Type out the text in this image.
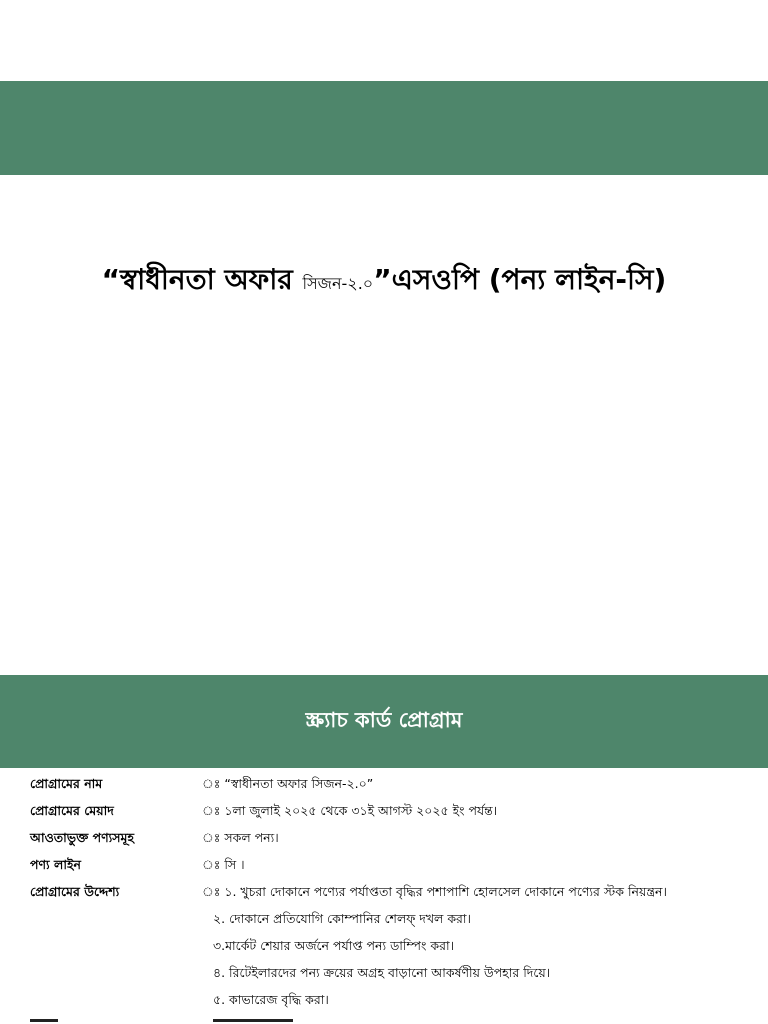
“স্বাধীনতা অফার সিজন-২.০”এসওপি (পন্য লাইন-সি)
স্ক্র্যাচ কার্ড প্রোগ্রাম
প্রোগ্রামের নাম	ঃ “স্বাধীনতা অফার সিজন-২.০”
প্রোগ্রামের মেয়াদ	ঃ ১লা জুলাই ২০২৫ থেকে ৩১ই আগস্ট ২০২৫ ইং পর্যন্ত।
আওতাভুক্ত পণ্যসমূহ	ঃ সকল পন্য।
পণ্য লাইন	ঃ সি ।
প্রোগ্রামের উদ্দেশ্য	ঃ ১. খুচরা দোকানে পণ্যের পর্যাপ্ততা বৃদ্ধির পশাপাশি হোলসেল দোকানে পণ্যের স্টক নিয়ন্ত্রন।
২. দোকানে প্রতিযোগি কোম্পানির শেলফ্ দখল করা।
৩.মার্কেট শেয়ার অর্জনে পর্যাপ্ত পন্য ডাম্পিং করা।
৪. রিটেইলারদের পন্য ক্রয়ের অগ্রহ বাড়ানো আকর্ষণীয় উপহার দিয়ে।
৫. কাভারেজ বৃদ্ধি করা।
